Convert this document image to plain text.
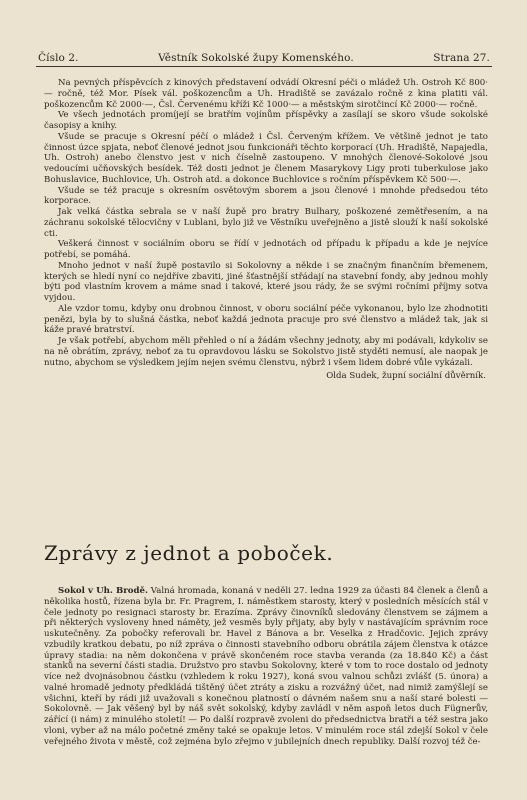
Číslo 2.	Věstník Sokolské župy Komenského.	Strana 27.

Na pevných příspěvcích z kinových představení odvádí Okresní péči o mládež Uh. Ostroh Kč 800·— ročně, též Mor. Písek vál. poškozencům a Uh. Hradiště se zavázalo ročně z kina platiti vál. poškozencům Kč 2000·—, Čsl. Červenému kříži Kč 1000·— a městským sirotčincí Kč 2000·— ročně.

Ve všech jednotách promíjejí se bratřím vojínům příspěvky a zasílají se skoro všude sokolské časopisy a knihy.

Všude se pracuje s Okresní péčí o mládež i Čsl. Červeným křížem. Ve většině jednot je tato činnost úzce spjata, neboť členové jednot jsou funkcionáři těchto korporací (Uh. Hradiště, Napajedla, Uh. Ostroh) anebo členstvo jest v nich číselně zastoupeno. V mnohých členové-Sokolové jsou vedoucími učňovských besídek. Též dosti jednot je členem Masarykovy Ligy proti tuberkulose jako Bohuslavice, Buchlovice, Uh. Ostroh atd. a dokonce Buchlovice s ročním příspěvkem Kč 500·—.

Všude se též pracuje s okresním osvětovým sborem a jsou členové i mnohde předsedou této korporace.

Jak velká částka sebrala se v naší župě pro bratry Bulhary, poškozené zemětřesením, a na záchranu sokolské tělocvičny v Lublani, bylo již ve Věstníku uveřejněno a jistě slouží k naší sokolské cti.

Veškerá činnost v sociálním oboru se řídí v jednotách od případu k případu a kde je nejvíce potřebí, se pomáhá.

Mnoho jednot v naší župě postavilo si Sokolovny a někde i se značným finančním břemenem, kterých se hledí nyní co nejdříve zbaviti, jiné šťastnější střádají na stavební fondy, aby jednou mohly býti pod vlastním krovem a máme snad i takové, které jsou rády, že se svými ročními příjmy sotva vyjdou.

Ale vzdor tomu, kdyby onu drobnou činnost, v oboru sociální péče vykonanou, bylo lze zhodnotiti penězi, byla by to slušná částka, neboť každá jednota pracuje pro své členstvo a mládež tak, jak si káže pravé bratrství.

Je však potřebí, abychom měli přehled o ní a žádám všechny jednoty, aby mi podávali, kdykoliv se na ně obrátím, zprávy, neboť za tu opravdovou lásku se Sokolstvo jistě styděti nemusí, ale naopak je nutno, abychom se výsledkem jejím nejen svému členstvu, nýbrž i všem lidem dobré vůle vykázali.

Olda Sudek, župní sociální důvěrník.

Zprávy z jednot a poboček.

Sokol v Uh. Brodě. Valná hromada, konaná v neděli 27. ledna 1929 za účasti 84 členek a členů a několika hostů, řízena byla br. Fr. Pragrem, I. náměstkem starosty, který v posledních měsících stál v čele jednoty po resignaci starosty br. Erazíma. Zprávy činovníků sledovány členstvem se zájmem a při některých vysloveny hned náměty, jež vesměs byly přijaty, aby byly v nastávajícím správním roce uskutečněny. Za pobočky referovali br. Havel z Bánova a br. Veselka z Hradčovic. Jejich zprávy vzbudily kratkou debatu, po níž zpráva o činnosti stavebního odboru obrátila zájem členstva k otázce úpravy stadia: na něm dokončena v právě skončeném roce stavba veranda (za 18.840 Kč) a část stanků na severní části stadia. Družstvo pro stavbu Sokolovny, které v tom to roce dostalo od jednoty více než dvojnásobnou částku (vzhledem k roku 1927), koná svou valnou schůzi zvlášť (5. února) a valné hromadě jednoty předkládá tištěný účet ztráty a zisku a rozvážný účet, nad nimiž zamýšlejí se všichni, kteří by rádi již uvažovali s konečnou platností o dávném našem snu a naší staré bolesti — Sokolovně. — Jak věšený byl by náš svět sokolský, kdyby zavládl v něm aspoň letos duch Fügnerův, zářící (i nám) z minulého století! — Po další rozpravě zvoleni do předsednictva bratři a též sestra jako vloni, vyber až na málo početné změny také se opakuje letos. V minulém roce stál zdejší Sokol v čele veřejného života v městě, což zejména bylo zřejmo v jubilejních dnech republiky. Další rozvoj též če-
